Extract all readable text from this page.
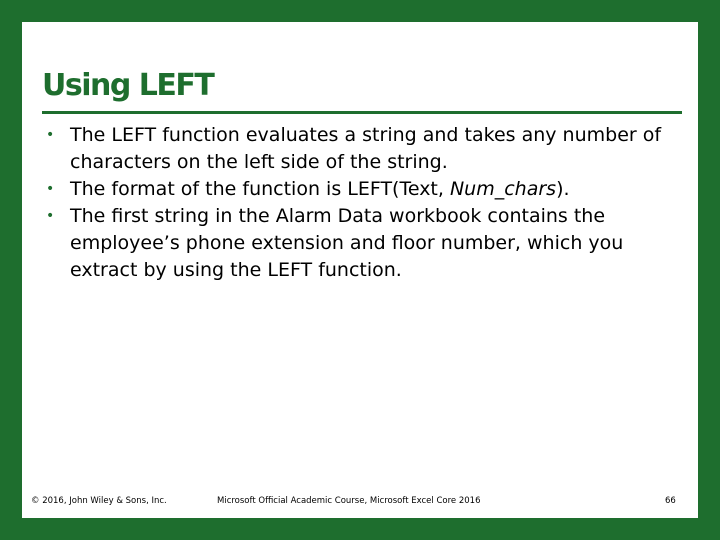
Using LEFT
• The LEFT function evaluates a string and takes any number of characters on the left side of the string.
• The format of the function is LEFT(Text, Num_chars).
• The first string in the Alarm Data workbook contains the employee’s phone extension and floor number, which you extract by using the LEFT function.
© 2016, John Wiley & Sons, Inc.	Microsoft Official Academic Course, Microsoft Excel Core 2016	66
